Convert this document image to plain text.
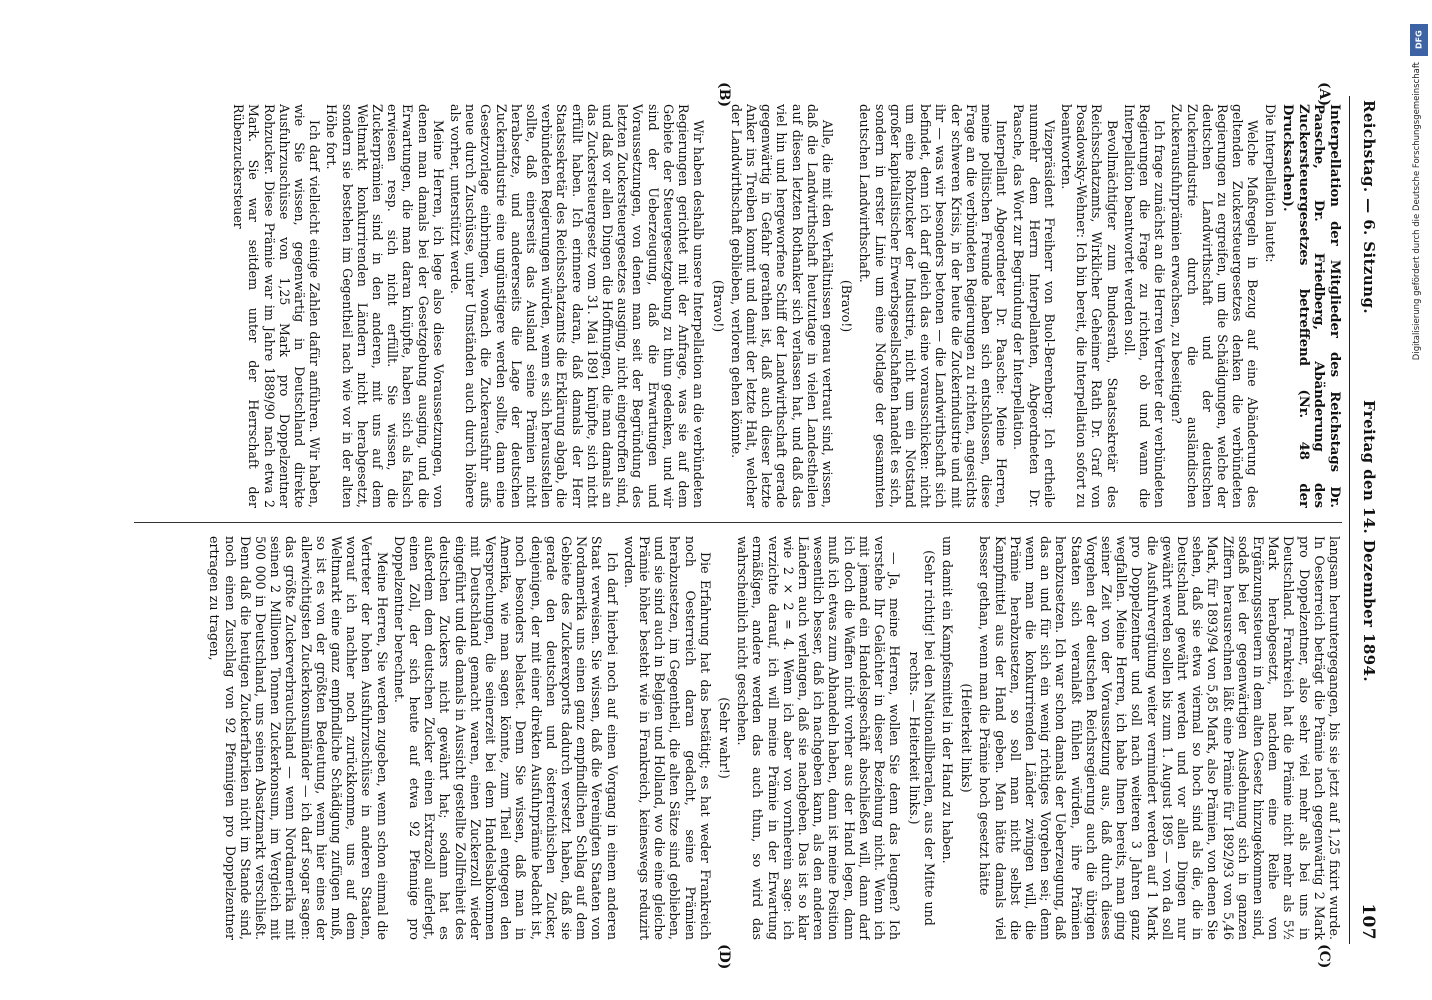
Reichstag. — 6. Sitzung.
Freitag den 14. Dezember 1894.
107
(A)
(B)
(C)
(D)

Interpellation der Mitglieder des Reichstags Dr. Paasche, Dr. Friedberg, Abänderung des Zuckersteuergesetzes betreffend (Nr. 48 der Drucksachen).

Die Interpellation lautet:

Welche Maßregeln in Bezug auf eine Abänderung des geltenden Zuckersteuergesetzes denken die verbündeten Regierungen zu ergreifen, um die Schädigungen, welche der deutschen Landwirthschaft und der deutschen Zuckerindustrie durch die ausländischen Zuckerausfuhrprämien erwachsen, zu beseitigen?

Ich frage zunächst an die Herren Vertreter der verbündeten Regierungen die Frage zu richten, ob und wann die Interpellation beantwortet werden soll.

Bevollmächtigter zum Bundesrath, Staatssekretär des Reichsschatzamts, Wirklicher Geheimer Rath Dr. Graf von Posadowsky-Wehner: Ich bin bereit, die Interpellation sofort zu beantworten.

Vizepräsident Freiherr von Buol-Berenberg: Ich ertheile nunmehr dem Herrn Interpellanten, Abgeordneten Dr. Paasche, das Wort zur Begründung der Interpellation.

Interpellant Abgeordneter Dr. Paasche: Meine Herren, meine politischen Freunde haben sich entschlossen, diese Frage an die verbündeten Regierungen zu richten, angesichts der schweren Krisis, in der heute die Zuckerindustrie und mit ihr — was wir besonders betonen — die Landwirthschaft sich befindet, denn ich darf gleich das eine vorausschicken: nicht um eine Rohzucker der Industrie, nicht um ein Notstand großer kapitalistischer Erwerbsgesellschaften handelt es sich, sondern in erster Linie um eine Notlage der gesammten deutschen Landwirthschaft.

(Bravo!)

Alle, die mit den Verhältnissen genau vertraut sind, wissen, daß die Landwirthschaft heutzutage in vielen Landestheilen auf diesen letzten Rothanker sich verlassen hat, und daß das viel hin und hergeworfene Schiff der Landwirthschaft gerade gegenwärtig in Gefahr gerathen ist, daß auch dieser letzte Anker ins Treiben kommt und damit der letzte Halt, welcher der Landwirthschaft geblieben, verloren gehen könnte.

(Bravo!)

Wir haben deshalb unsere Interpellation an die verbündeten Regierungen gerichtet mit der Anfrage, was sie auf dem Gebiete der Steuergesetzgebung zu thun gedenken, und wir sind der Ueberzeugung, daß die Erwartungen und Voraussetzungen, von denen man seit der Begründung des letzten Zuckersteuergesetzes ausging, nicht eingetroffen sind, und daß vor allen Dingen die Hoffnungen, die man damals an das Zuckersteuergesetz vom 31. Mai 1891 knüpfte, sich nicht erfüllt haben. Ich erinnere daran, daß damals der Herr Staatssekretär des Reichsschatzamts die Erklärung abgab, die verbündeten Regierungen würden, wenn es sich herausstellen sollte, daß einerseits das Ausland seine Prämien nicht herabsetze, und andererseits die Lage der deutschen Zuckerindustrie eine ungünstigere werden sollte, dann eine Gesetzvorlage einbringen, wonach die Zuckerausfuhr aufs neue durch Zuschüsse, unter Umständen auch durch höhere als vorher, unterstützt werde.

Meine Herren, ich lege also diese Voraussetzungen, von denen man damals bei der Gesetzgebung ausging, und die Erwartungen, die man daran knüpfte, haben sich als falsch erwiesen resp. sich nicht erfüllt. Sie wissen, die Zuckerprämien sind in den anderen, mit uns auf dem Weltmarkt konkurrirenden Ländern nicht herabgesetzt, sondern sie bestehen im Gegentheil nach wie vor in der alten Höhe fort.

Ich darf vielleicht einige Zahlen dafür anführen. Wir haben, wie Sie wissen, gegenwärtig in Deutschland direkte Ausfuhrzuschüsse von 1,25 Mark pro Doppelzentner Rohzucker. Diese Prämie war im Jahre 1889/90 nach etwa 2 Mark. Sie war seitdem unter der Herrschaft der Rübenzuckersteuer

langsam heruntergegangen, bis sie jetzt auf 1,25 fixirt wurde. In Oesterreich beträgt die Prämie nach gegenwärtig 2 Mark pro Doppelzentner, also sehr viel mehr als bei uns in Deutschland. Frankreich hat die Prämie nicht mehr als 5½ Mark herabgesetzt, nachdem eine Reihe von Ergänzungssteuern in dem alten Gesetz hinzugekommen sind, sodaß bei der gegenwärtigen Ausdehnung sich in ganzen Ziffern herausrechnen läßt eine Prämie für 1892/93 von 5,46 Mark, für 1893/94 von 5,85 Mark, also Prämien, von denen Sie sehen, daß sie etwa viermal so hoch sind als die, die in Deutschland gewährt werden und vor allen Dingen nur gewährt werden sollen bis zum 1. August 1895 — von da soll die Ausfuhrvergütung weiter vermindert werden auf 1 Mark pro Doppelzentner und soll nach weiteren 3 Jahren ganz wegfallen. Meine Herren, ich habe Ihnen bereits, man ging seiner Zeit von der Voraussetzung aus, daß durch dieses Vorgehen der deutschen Reichsregierung auch die übrigen Staaten sich veranlaßt fühlen würden, ihre Prämien herabzusetzen. Ich war schon damals der Ueberzeugung, daß das an und für sich ein wenig richtiges Vorgehen sei; denn wenn man die konkurrirenden Länder zwingen will, die Prämie herabzusetzen, so soll man nicht selbst die Kampfmittel aus der Hand geben. Man hätte damals viel besser gethan, wenn man die Prämie hoch gesetzt hätte

(Heiterkeit links)

um damit ein Kampfesmittel in der Hand zu haben.

(Sehr richtig! bei den Nationalliberalen, aus der Mitte und rechts. — Heiterkeit links.)

— Ja, meine Herren, wollen Sie denn das leugnen? Ich verstehe Ihr Gelächter in dieser Beziehung nicht. Wenn ich mit jemand ein Handelsgeschäft abschließen will, dann darf ich doch die Waffen nicht vorher aus der Hand legen, dann muß ich etwas zum Abhandeln haben, dann ist meine Position wesentlich besser, daß ich nachgeben kann, als den anderen Ländern auch verlangen, daß sie nachgeben. Das ist so klar wie 2 × 2 = 4. Wenn ich aber von vornherein sage: ich verzichte darauf, ich will meine Prämie in der Erwartung ermäßigen, andere werden das auch thun, so wird das wahrscheinlich nicht geschehen.

(Sehr wahr!)

Die Erfahrung hat das bestätigt; es hat weder Frankreich noch Oesterreich daran gedacht, seine Prämien herabzusetzen, im Gegentheil, die alten Sätze sind geblieben, und sie sind auch in Belgien und Holland, wo die eine gleiche Prämie höher besteht wie in Frankreich, keineswegs reduzirt worden.

Ich darf hierbei noch auf einen Vorgang in einem anderen Staat verweisen. Sie wissen, daß die Vereinigten Staaten von Nordamerika uns einen ganz empfindlichen Schlag auf dem Gebiete des Zuckerexports dadurch versetzt haben, daß sie gerade den deutschen und österreichischen Zucker, denjenigen, der mit einer direkten Ausfuhrprämie bedacht ist, noch besonders belastet. Denn Sie wissen, daß man in Amerika, wie man sagen könnte, zum Theil entgegen den Versprechungen, die seinerzeit bei dem Handelsabkommen mit Deutschland gemacht waren, einen Zuckerzoll wieder eingeführt und die damals in Aussicht gestellte Zollfreiheit des deutschen Zuckers nicht gewährt hat; sodann hat es außerdem dem deutschen Zucker einen Extrazoll auferlegt, einen Zoll, der sich heute auf etwa 92 Pfennige pro Doppelzentner berechnet.

Meine Herren, Sie werden zugeben, wenn schon einmal die Vertreter der hohen Ausfuhrzuschüsse in anderen Staaten, worauf ich nachher noch zurückkomme, uns auf dem Weltmarkt eine ganz empfindliche Schädigung zufügen muß, so ist es von der größten Bedeutung, wenn hier eines der allerwichtigsten Zuckerkonsumländer — ich darf sogar sagen: das größte Zuckerverbrauchsland — wenn Nordamerika mit seinen 2 Millionen Tonnen Zuckerkonsum, im Vergleich mit 500 000 in Deutschland, uns seinen Absatzmarkt verschließt. Denn daß die heutigen Zuckerfabriken nicht im Stande sind, noch einen Zuschlag von 92 Pfennigen pro Doppelzentner ertragen zu tragen,

DFG
Digitalisierung gefördert durch die Deutsche Forschungsgemeinschaft
